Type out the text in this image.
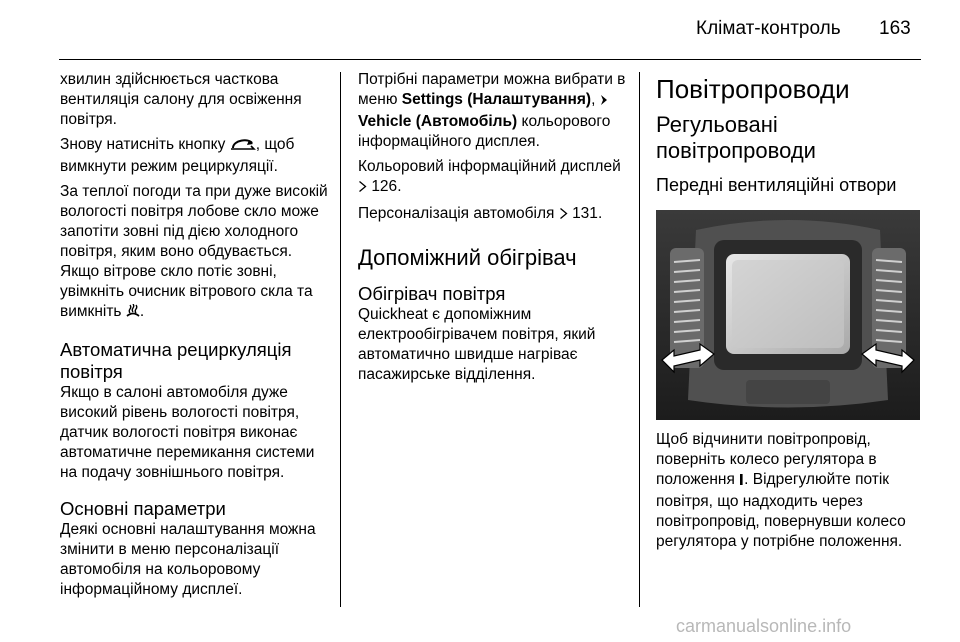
Клімат-контроль 163

хвилин здійснюється часткова вентиляція салону для освіження повітря.

Знову натисніть кнопку , щоб вимкнути режим рециркуляції.

За теплої погоди та при дуже високій вологості повітря лобове скло може запотіти зовні під дією холодного повітря, яким воно обдувається. Якщо вітрове скло потіє зовні, увімкніть очисник вітрового скла та вимкніть .

Автоматична рециркуляція повітря

Якщо в салоні автомобіля дуже високий рівень вологості повітря, датчик вологості повітря виконає автоматичне перемикання системи на подачу зовнішнього повітря.

Основні параметри

Деякі основні налаштування можна змінити в меню персоналізації автомобіля на кольоровому інформаційному дисплеї.

Потрібні параметри можна вибрати в меню Settings (Налаштування),
Vehicle (Автомобіль) кольорового інформаційного дисплея.

Кольоровий інформаційний дисплей  126.

Персоналізація автомобіля  131.

Допоміжний обігрівач
Обігрівач повітря

Quickheat є допоміжним електрообігрівачем повітря, який автоматично швидше нагріває пасажирське відділення.

Повітропроводи
Регульовані повітропроводи
Передні вентиляційні отвори

Щоб відчинити повітропровід, поверніть колесо регулятора в положення . Відрегулюйте потік повітря, що надходить через повітропровід, повернувши колесо регулятора у потрібне положення.

carmanualsonline.info
